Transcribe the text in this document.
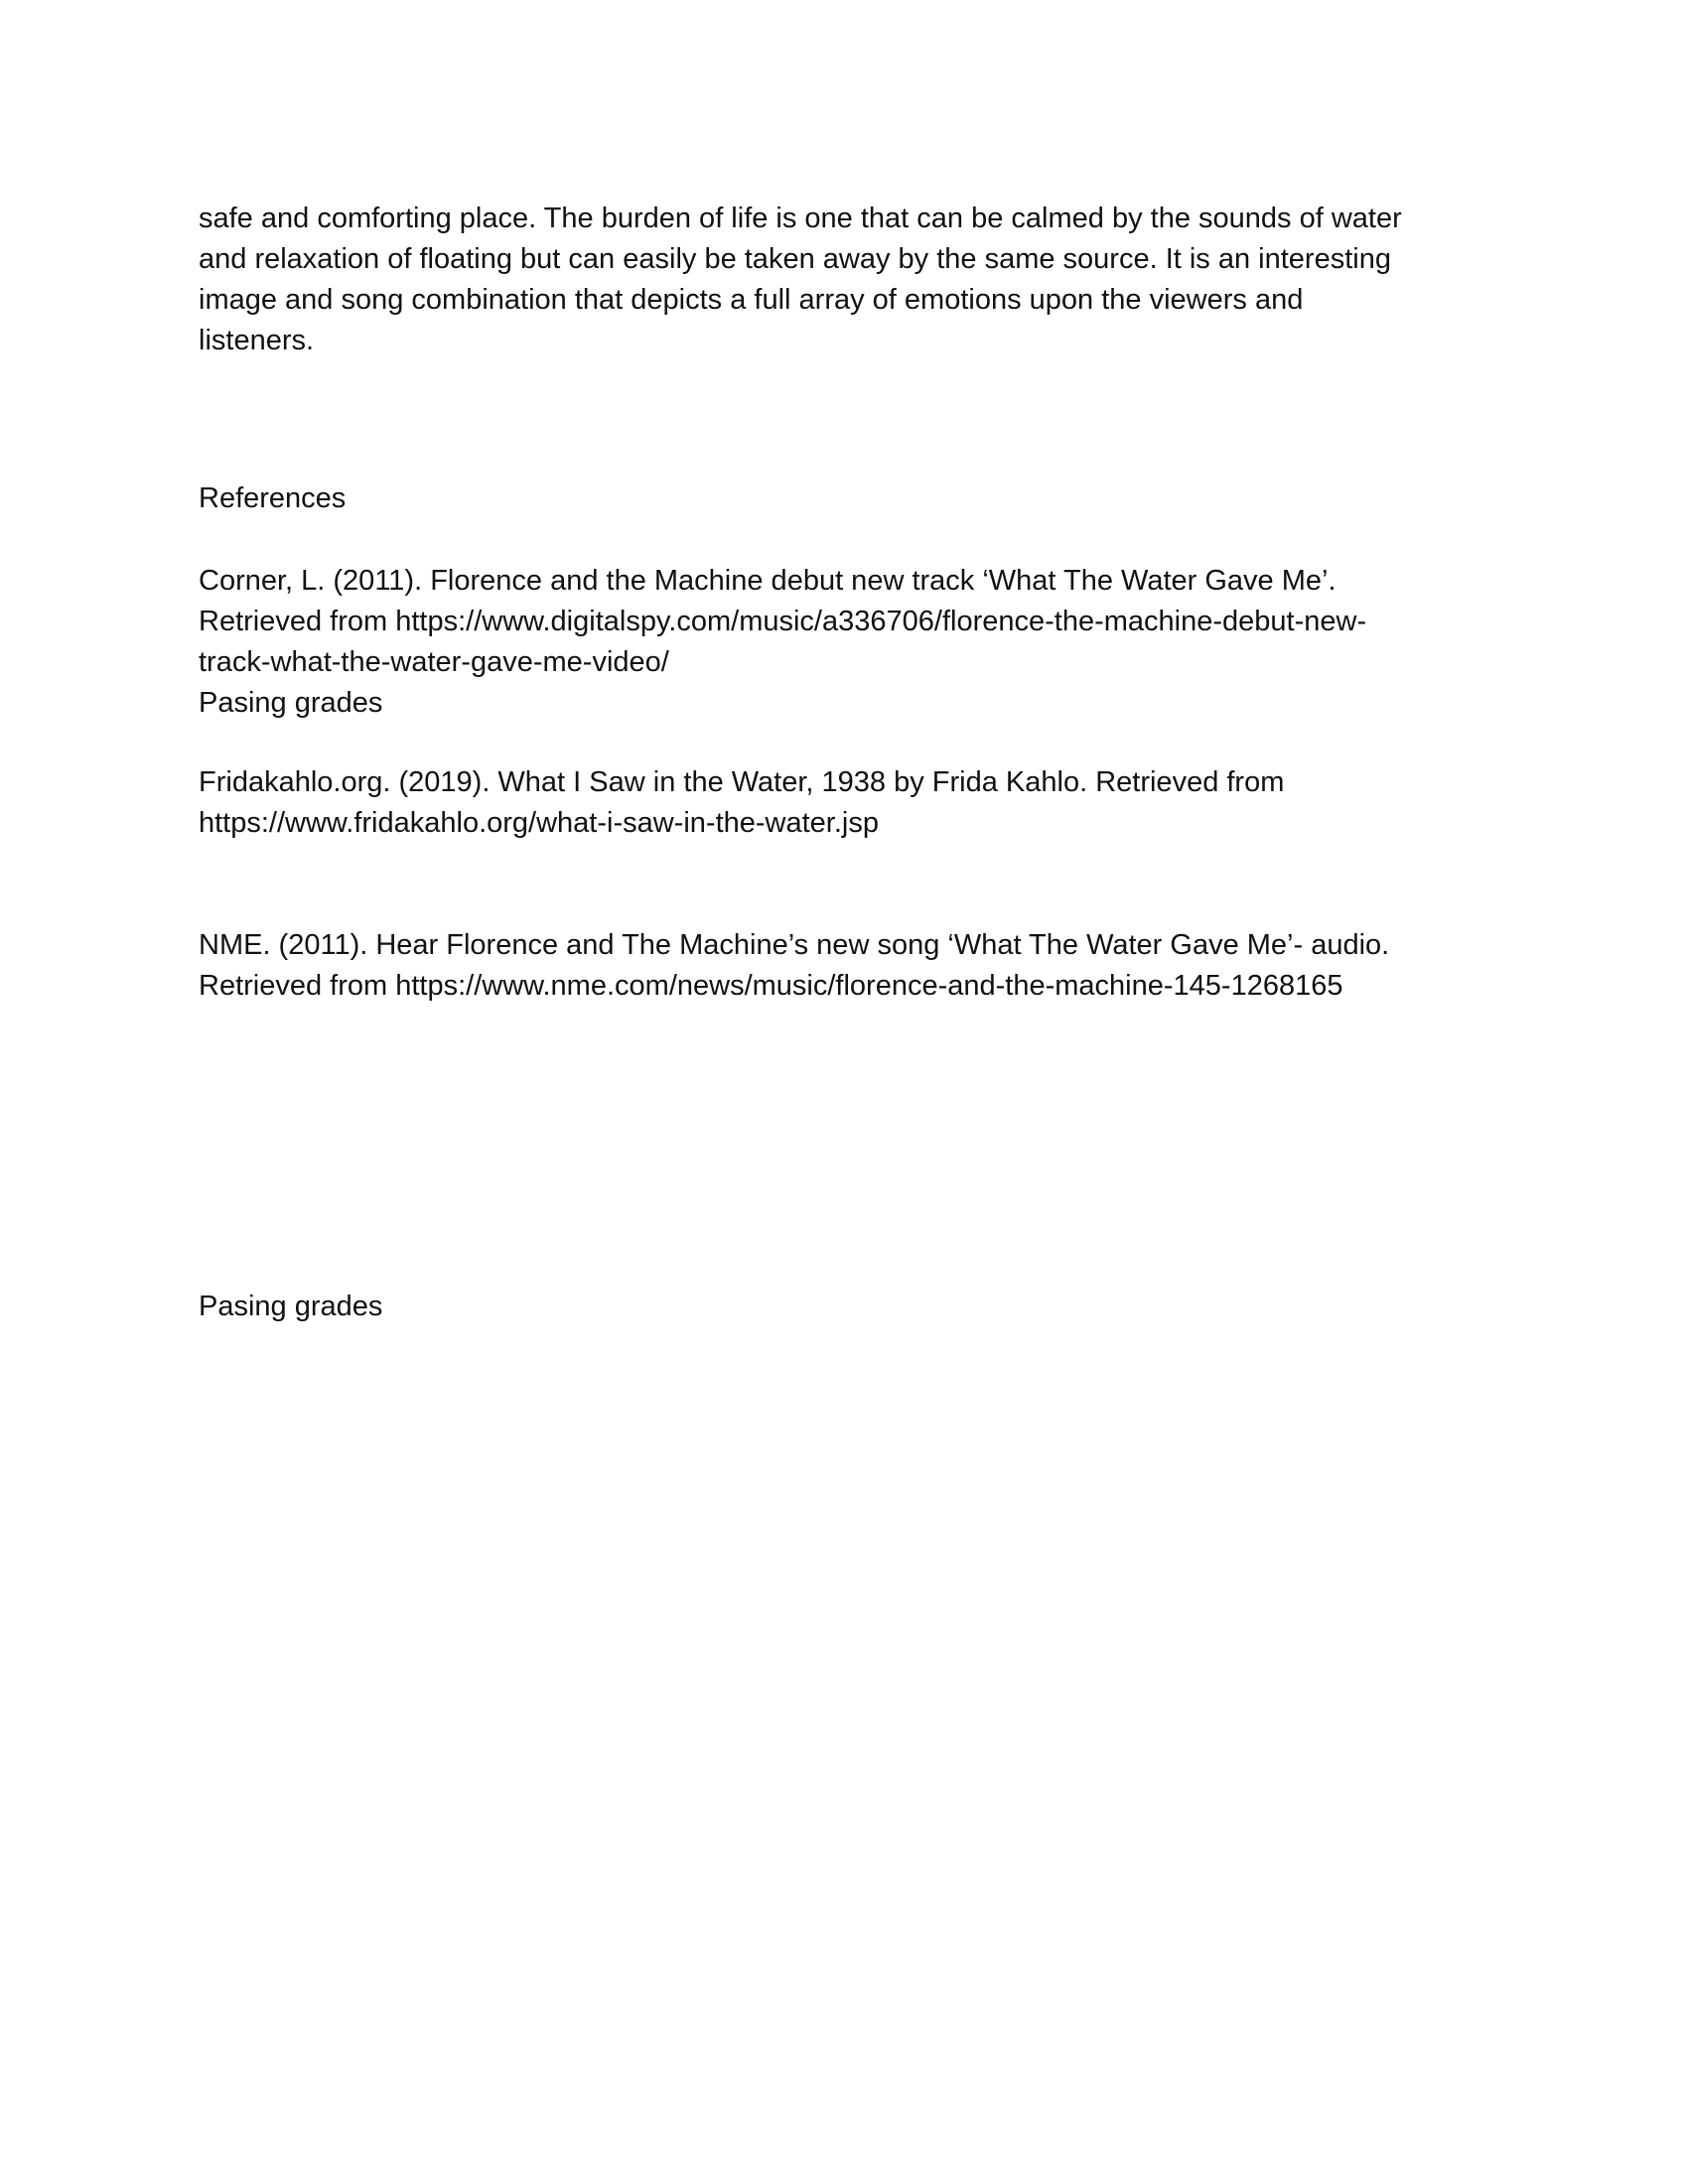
safe and comforting place. The burden of life is one that can be calmed by the sounds of water
and relaxation of floating but can easily be taken away by the same source. It is an interesting
image and song combination that depicts a full array of emotions upon the viewers and
listeners.
References
Corner, L. (2011). Florence and the Machine debut new track ‘What The Water Gave Me’.
Retrieved from https://www.digitalspy.com/music/a336706/florence-the-machine-debut-new-
track-what-the-water-gave-me-video/
Pasing grades
Fridakahlo.org. (2019). What I Saw in the Water, 1938 by Frida Kahlo. Retrieved from
https://www.fridakahlo.org/what-i-saw-in-the-water.jsp
NME. (2011). Hear Florence and The Machine’s new song ‘What The Water Gave Me’- audio.
Retrieved from https://www.nme.com/news/music/florence-and-the-machine-145-1268165
Pasing grades
